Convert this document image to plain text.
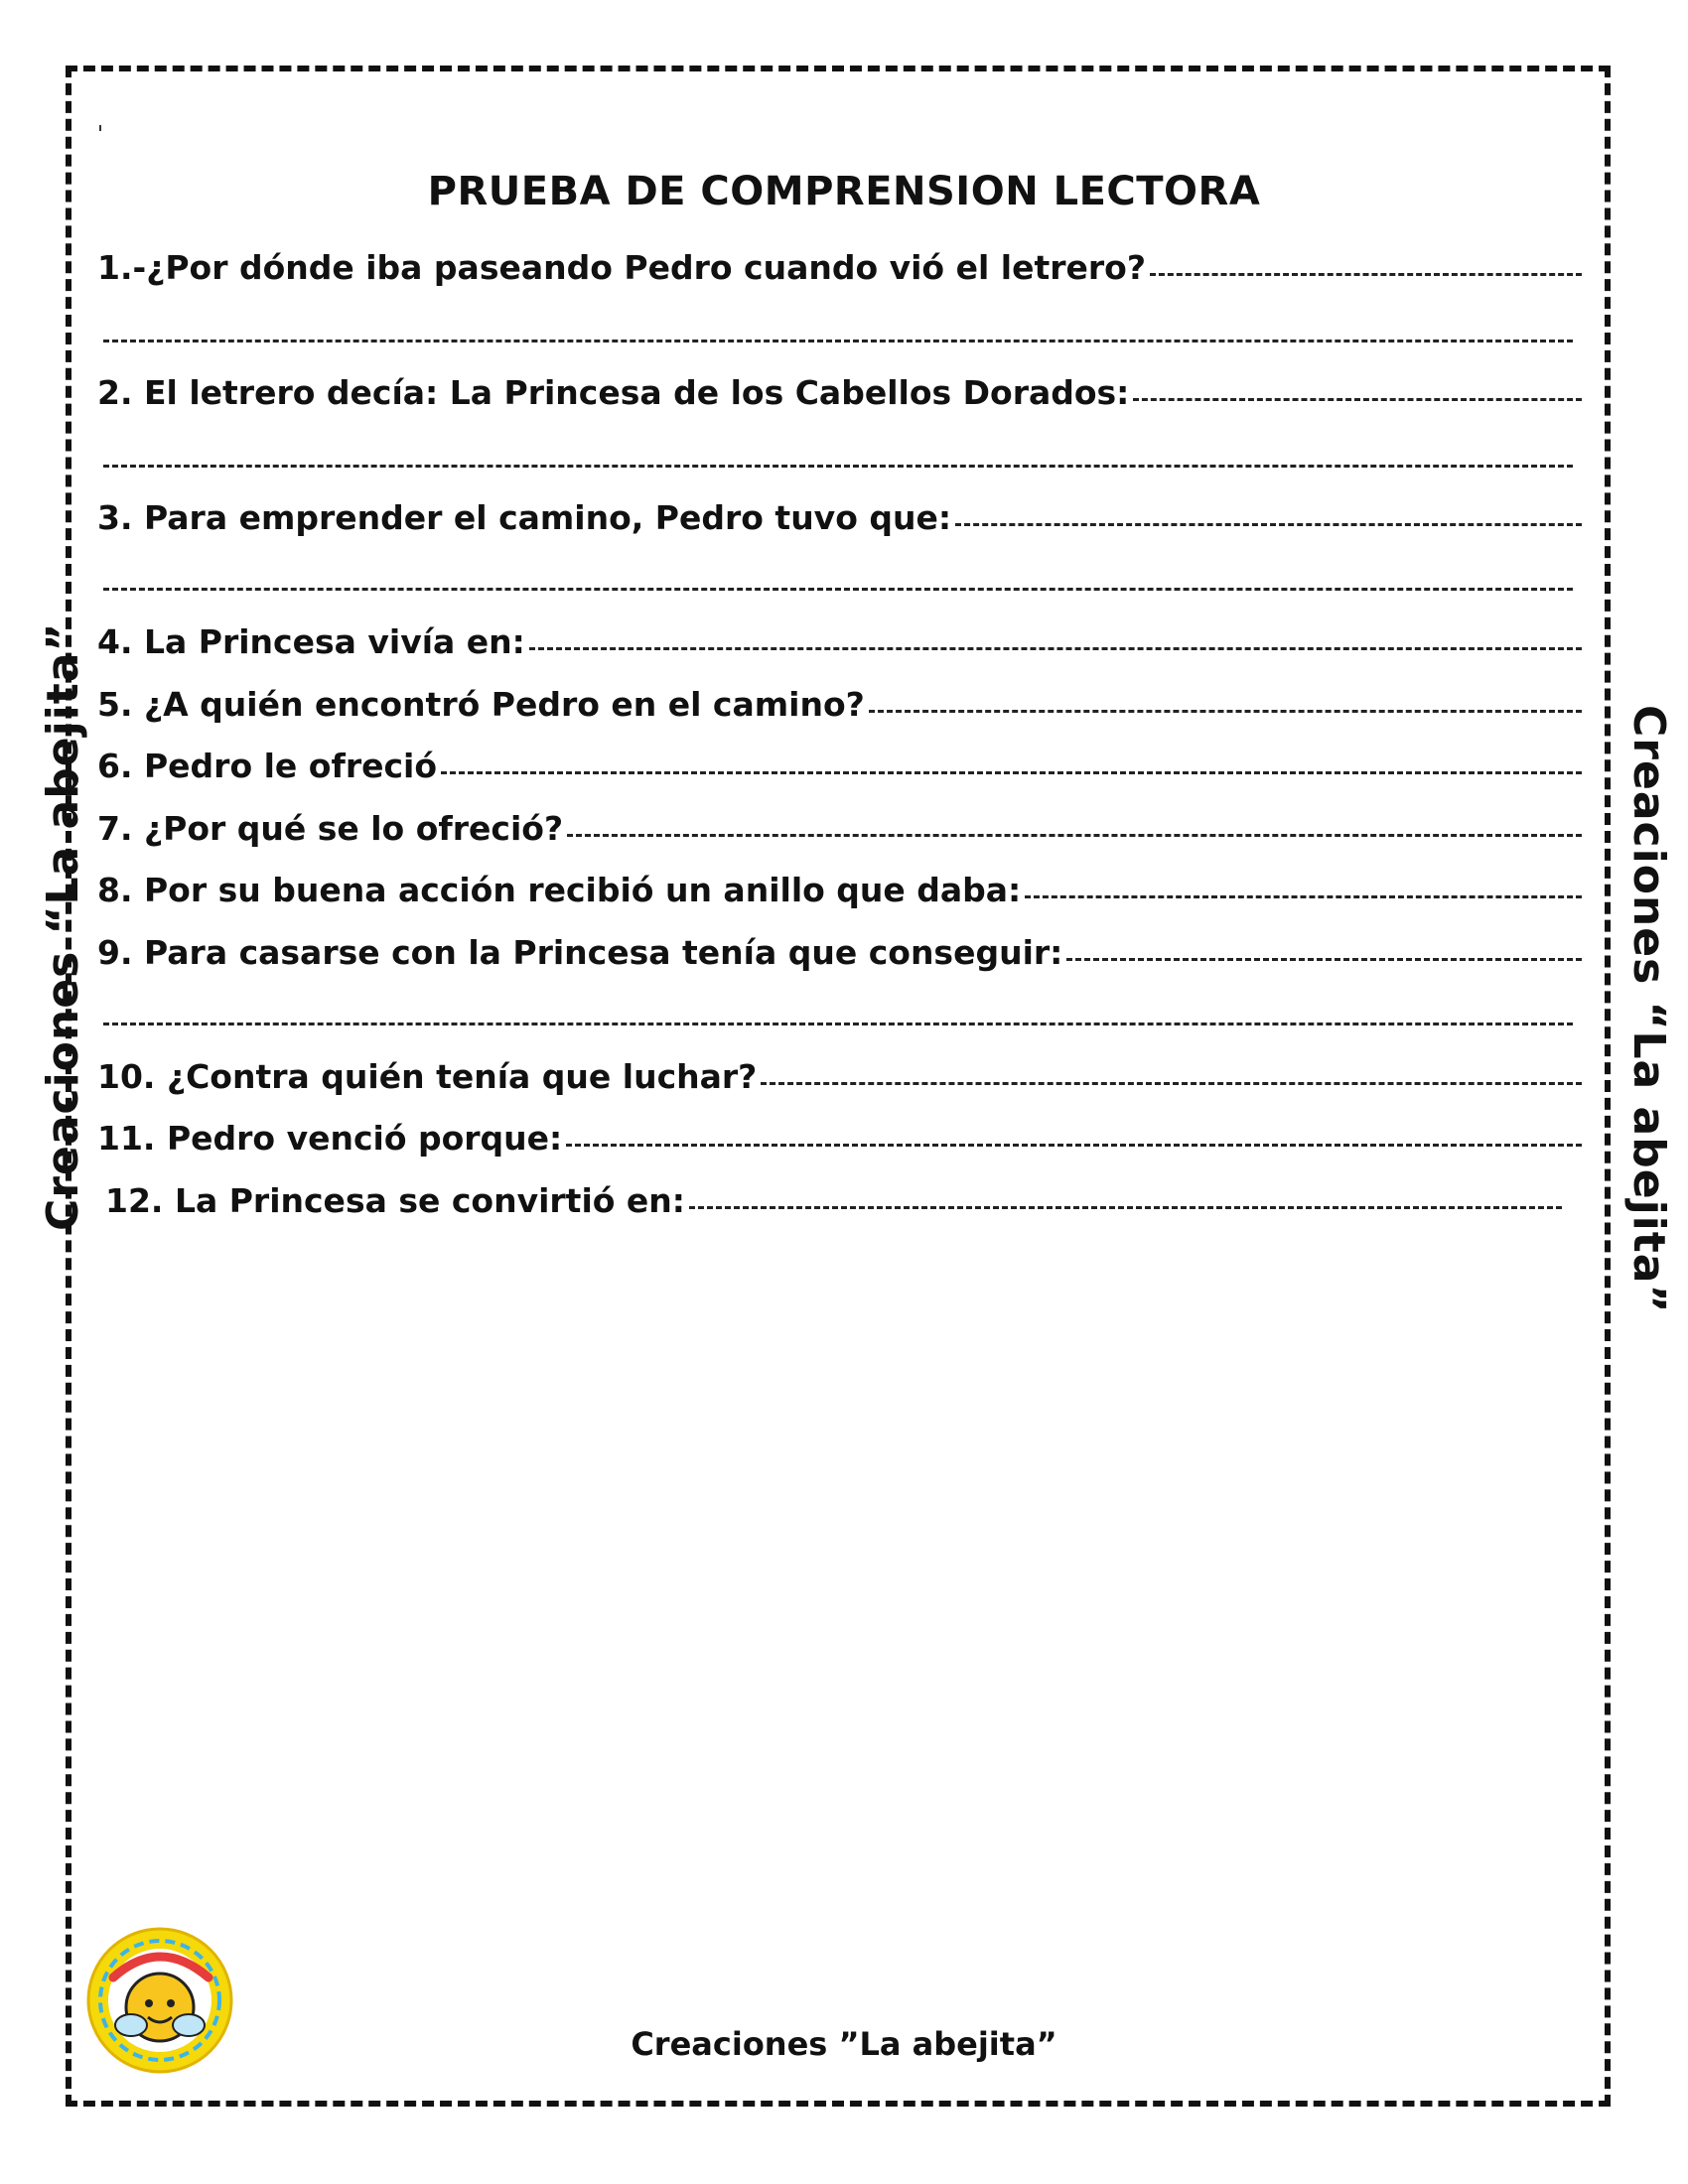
PRUEBA DE COMPRENSION LECTORA
1.-¿Por dónde iba paseando Pedro cuando vió el letrero?
2. El letrero decía: La Princesa de los Cabellos Dorados:
3. Para emprender el camino, Pedro tuvo que:
4. La Princesa vivía en:
5. ¿A quién encontró Pedro en el camino?
6. Pedro le ofreció
7. ¿Por qué se lo ofreció?
8. Por su buena acción recibió un anillo que daba:
9. Para casarse con la Princesa tenía que conseguir:
10. ¿Contra quién tenía que luchar?
11. Pedro venció porque:
12. La Princesa se convirtió en:
Creaciones “La abejita”	Creaciones “La abejita”
Creaciones ”La abejita”
